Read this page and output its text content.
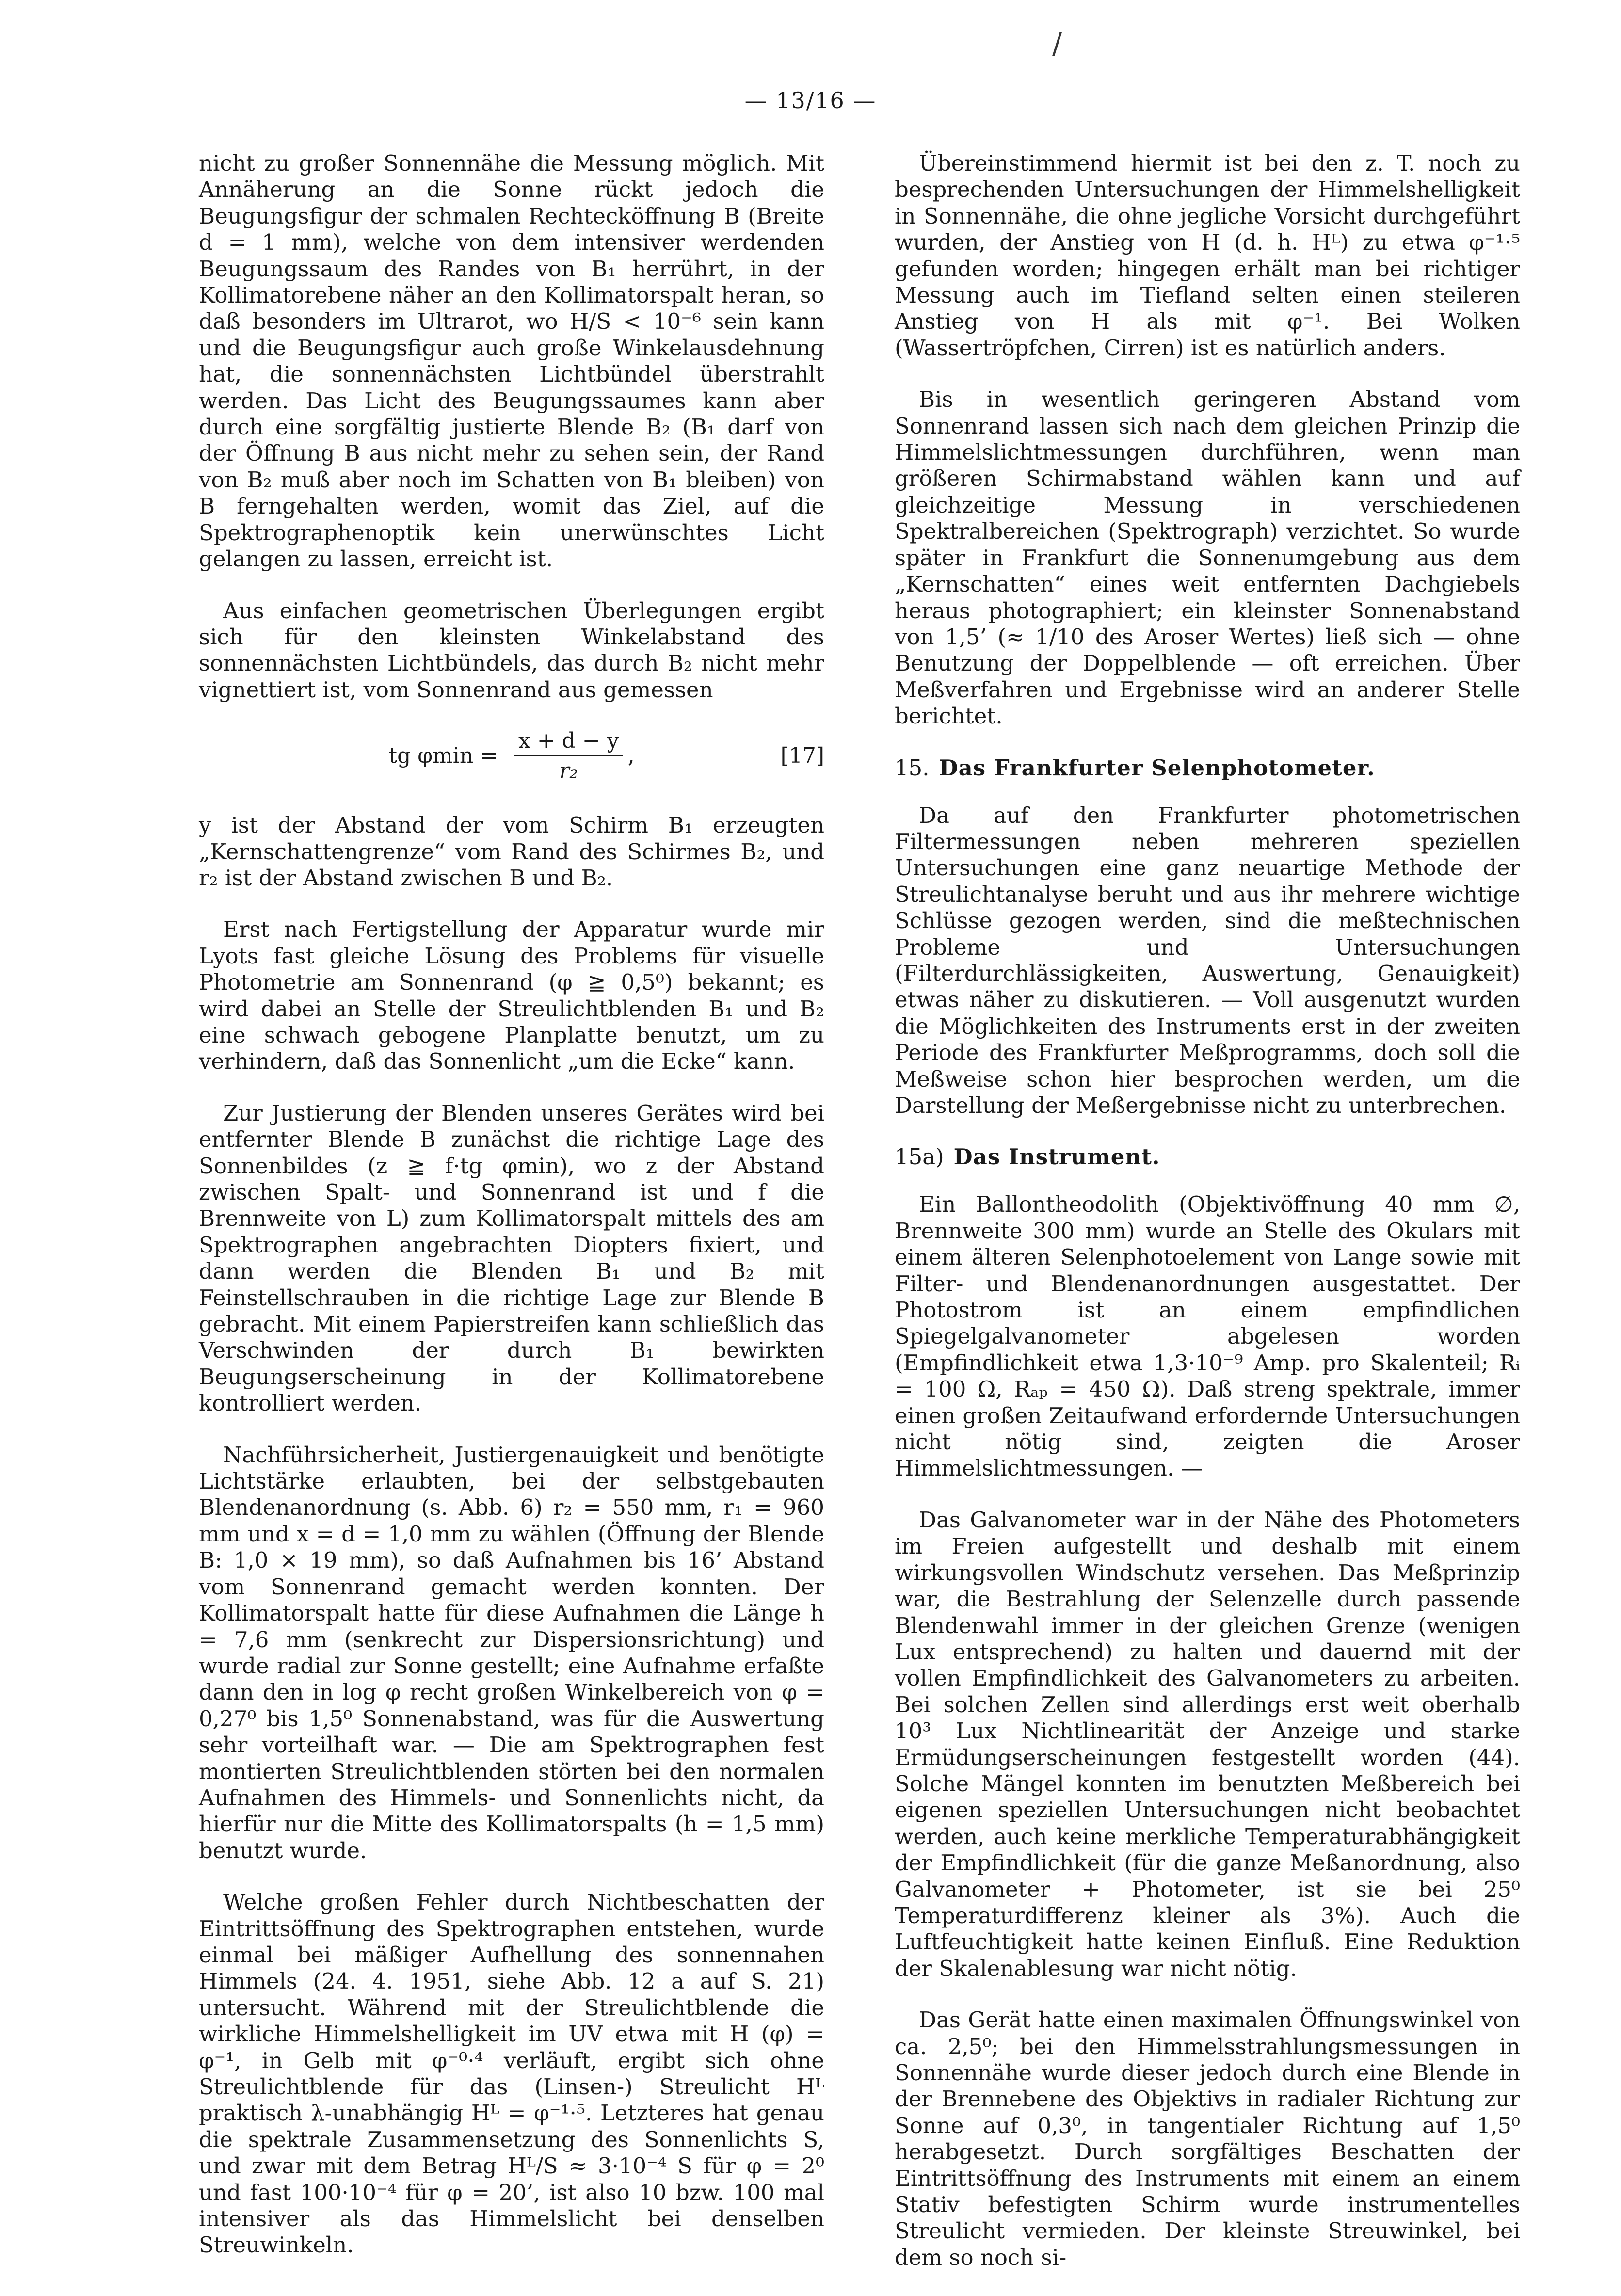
/
— 13/16 —

nicht zu großer Sonnennähe die Messung möglich. Mit Annäherung an die Sonne rückt jedoch die Beugungsfigur der schmalen Rechtecköffnung B (Breite d = 1 mm), welche von dem intensiver werdenden Beugungssaum des Randes von B₁ herrührt, in der Kollimatorebene näher an den Kollimatorspalt heran, so daß besonders im Ultrarot, wo H/S < 10⁻⁶ sein kann und die Beugungsfigur auch große Winkelausdehnung hat, die sonnennächsten Lichtbündel überstrahlt werden. Das Licht des Beugungssaumes kann aber durch eine sorgfältig justierte Blende B₂ (B₁ darf von der Öffnung B aus nicht mehr zu sehen sein, der Rand von B₂ muß aber noch im Schatten von B₁ bleiben) von B ferngehalten werden, womit das Ziel, auf die Spektrographenoptik kein unerwünschtes Licht gelangen zu lassen, erreicht ist.

Aus einfachen geometrischen Überlegungen ergibt sich für den kleinsten Winkelabstand des sonnennächsten Lichtbündels, das durch B₂ nicht mehr vignettiert ist, vom Sonnenrand aus gemessen

tg $\varphi\min = \frac{x + d - y}{\text{r₂}}$ ,	[17]

y ist der Abstand der vom Schirm B₁ erzeugten „Kernschattengrenze“ vom Rand des Schirmes B₂, und r₂ ist der Abstand zwischen B und B₂.

Erst nach Fertigstellung der Apparatur wurde mir Lyots fast gleiche Lösung des Problems für visuelle Photometrie am Sonnenrand (φ ≧ 0,5⁰) bekannt; es wird dabei an Stelle der Streulichtblenden B₁ und B₂ eine schwach gebogene Planplatte benutzt, um zu verhindern, daß das Sonnenlicht „um die Ecke“ kann.

Zur Justierung der Blenden unseres Gerätes wird bei entfernter Blende B zunächst die richtige Lage des Sonnenbildes (z ≧ f·tg φmin), wo z der Abstand zwischen Spalt- und Sonnenrand ist und f die Brennweite von L) zum Kollimatorspalt mittels des am Spektrographen angebrachten Diopters fixiert, und dann werden die Blenden B₁ und B₂ mit Feinstellschrauben in die richtige Lage zur Blende B gebracht. Mit einem Papierstreifen kann schließlich das Verschwinden der durch B₁ bewirkten Beugungserscheinung in der Kollimatorebene kontrolliert werden.

Nachführsicherheit, Justiergenauigkeit und benötigte Lichtstärke erlaubten, bei der selbstgebauten Blendenanordnung (s. Abb. 6) r₂ = 550 mm, r₁ = 960 mm und x = d = 1,0 mm zu wählen (Öffnung der Blende B: 1,0 × 19 mm), so daß Aufnahmen bis 16’ Abstand vom Sonnenrand gemacht werden konnten. Der Kollimatorspalt hatte für diese Aufnahmen die Länge h = 7,6 mm (senkrecht zur Dispersionsrichtung) und wurde radial zur Sonne gestellt; eine Aufnahme erfaßte dann den in log φ recht großen Winkelbereich von φ = 0,27⁰ bis 1,5⁰ Sonnenabstand, was für die Auswertung sehr vorteilhaft war. — Die am Spektrographen fest montierten Streulichtblenden störten bei den normalen Aufnahmen des Himmels- und Sonnenlichts nicht, da hierfür nur die Mitte des Kollimatorspalts (h = 1,5 mm) benutzt wurde.

Welche großen Fehler durch Nichtbeschatten der Eintrittsöffnung des Spektrographen entstehen, wurde einmal bei mäßiger Aufhellung des sonnennahen Himmels (24. 4. 1951, siehe Abb. 12 a auf S. 21) untersucht. Während mit der Streulichtblende die wirkliche Himmelshelligkeit im UV etwa mit H (φ) = φ⁻¹, in Gelb mit φ⁻⁰·⁴ verläuft, ergibt sich ohne Streulichtblende für das (Linsen-) Streulicht Hᴸ praktisch λ-unabhängig Hᴸ = φ⁻¹·⁵. Letzteres hat genau die spektrale Zusammensetzung des Sonnenlichts S, und zwar mit dem Betrag Hᴸ/S ≈ 3·10⁻⁴ S für φ = 2⁰ und fast 100·10⁻⁴ für φ = 20’, ist also 10 bzw. 100 mal intensiver als das Himmelslicht bei denselben Streuwinkeln.

Übereinstimmend hiermit ist bei den z. T. noch zu besprechenden Untersuchungen der Himmelshelligkeit in Sonnennähe, die ohne jegliche Vorsicht durchgeführt wurden, der Anstieg von H (d. h. Hᴸ) zu etwa φ⁻¹·⁵ gefunden worden; hingegen erhält man bei richtiger Messung auch im Tiefland selten einen steileren Anstieg von H als mit φ⁻¹. Bei Wolken (Wassertröpfchen, Cirren) ist es natürlich anders.

Bis in wesentlich geringeren Abstand vom Sonnenrand lassen sich nach dem gleichen Prinzip die Himmelslichtmessungen durchführen, wenn man größeren Schirmabstand wählen kann und auf gleichzeitige Messung in verschiedenen Spektralbereichen (Spektrograph) verzichtet. So wurde später in Frankfurt die Sonnenumgebung aus dem „Kernschatten“ eines weit entfernten Dachgiebels heraus photographiert; ein kleinster Sonnenabstand von 1,5’ (≈ 1/10 des Aroser Wertes) ließ sich — ohne Benutzung der Doppelblende — oft erreichen. Über Meßverfahren und Ergebnisse wird an anderer Stelle berichtet.

15. Das Frankfurter Selenphotometer.

Da auf den Frankfurter photometrischen Filtermessungen neben mehreren speziellen Untersuchungen eine ganz neuartige Methode der Streulichtanalyse beruht und aus ihr mehrere wichtige Schlüsse gezogen werden, sind die meßtechnischen Probleme und Untersuchungen (Filterdurchlässigkeiten, Auswertung, Genauigkeit) etwas näher zu diskutieren. — Voll ausgenutzt wurden die Möglichkeiten des Instruments erst in der zweiten Periode des Frankfurter Meßprogramms, doch soll die Meßweise schon hier besprochen werden, um die Darstellung der Meßergebnisse nicht zu unterbrechen.

15a) Das Instrument.

Ein Ballontheodolith (Objektivöffnung 40 mm ∅, Brennweite 300 mm) wurde an Stelle des Okulars mit einem älteren Selenphotoelement von Lange sowie mit Filter- und Blendenanordnungen ausgestattet. Der Photostrom ist an einem empfindlichen Spiegelgalvanometer abgelesen worden (Empfindlichkeit etwa 1,3·10⁻⁹ Amp. pro Skalenteil; Rᵢ = 100 Ω, Rₐₚ = 450 Ω). Daß streng spektrale, immer einen großen Zeitaufwand erfordernde Untersuchungen nicht nötig sind, zeigten die Aroser Himmelslichtmessungen. —

Das Galvanometer war in der Nähe des Photometers im Freien aufgestellt und deshalb mit einem wirkungsvollen Windschutz versehen. Das Meßprinzip war, die Bestrahlung der Selenzelle durch passende Blendenwahl immer in der gleichen Grenze (wenigen Lux entsprechend) zu halten und dauernd mit der vollen Empfindlichkeit des Galvanometers zu arbeiten. Bei solchen Zellen sind allerdings erst weit oberhalb 10³ Lux Nichtlinearität der Anzeige und starke Ermüdungserscheinungen festgestellt worden (44). Solche Mängel konnten im benutzten Meßbereich bei eigenen speziellen Untersuchungen nicht beobachtet werden, auch keine merkliche Temperaturabhängigkeit der Empfindlichkeit (für die ganze Meßanordnung, also Galvanometer + Photometer, ist sie bei 25⁰ Temperaturdifferenz kleiner als 3%). Auch die Luftfeuchtigkeit hatte keinen Einfluß. Eine Reduktion der Skalenablesung war nicht nötig.

Das Gerät hatte einen maximalen Öffnungswinkel von ca. 2,5⁰; bei den Himmelsstrahlungsmessungen in Sonnennähe wurde dieser jedoch durch eine Blende in der Brennebene des Objektivs in radialer Richtung zur Sonne auf 0,3⁰, in tangentialer Richtung auf 1,5⁰ herabgesetzt. Durch sorgfältiges Beschatten der Eintrittsöffnung des Instruments mit einem an einem Stativ befestigten Schirm wurde instrumentelles Streulicht vermieden. Der kleinste Streuwinkel, bei dem so noch si-
